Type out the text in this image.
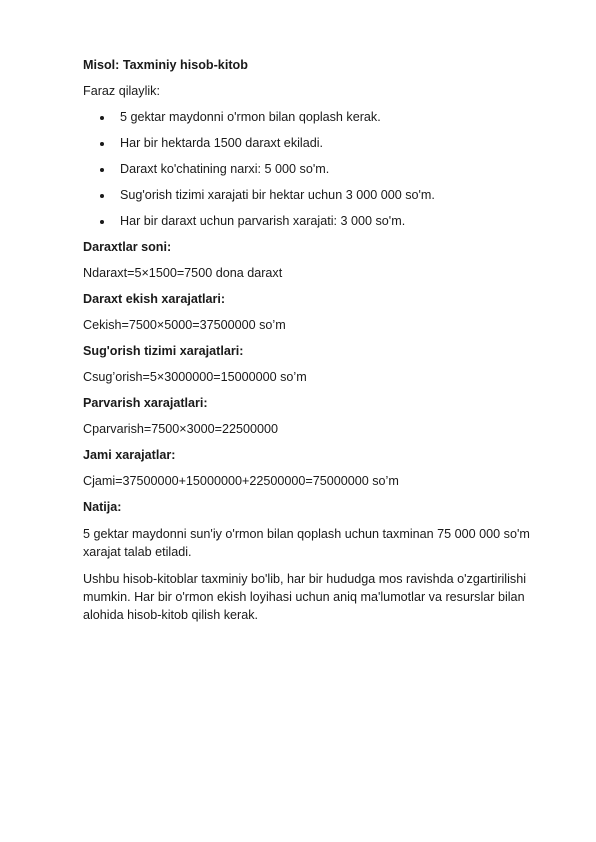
Misol: Taxminiy hisob-kitob

Faraz qilaylik:

5 gektar maydonni o'rmon bilan qoplash kerak.
Har bir hektarda 1500 daraxt ekiladi.
Daraxt ko'chatining narxi: 5 000 so'm.
Sug'orish tizimi xarajati bir hektar uchun 3 000 000 so'm.
Har bir daraxt uchun parvarish xarajati: 3 000 so'm.

Daraxtlar soni:

Ndaraxt=5×1500=7500 dona daraxt

Daraxt ekish xarajatlari:

Cekish=7500×5000=37500000 so’m

Sug'orish tizimi xarajatlari:

Csug’orish=5×3000000=15000000 so’m

Parvarish xarajatlari:

Cparvarish=7500×3000=22500000

Jami xarajatlar:

Cjami=37500000+15000000+22500000=75000000 so’m

Natija:

5 gektar maydonni sun'iy o'rmon bilan qoplash uchun taxminan 75 000 000 so'm xarajat talab etiladi.

Ushbu hisob-kitoblar taxminiy bo'lib, har bir hududga mos ravishda o'zgartirilishi mumkin. Har bir o'rmon ekish loyihasi uchun aniq ma'lumotlar va resurslar bilan alohida hisob-kitob qilish kerak.
